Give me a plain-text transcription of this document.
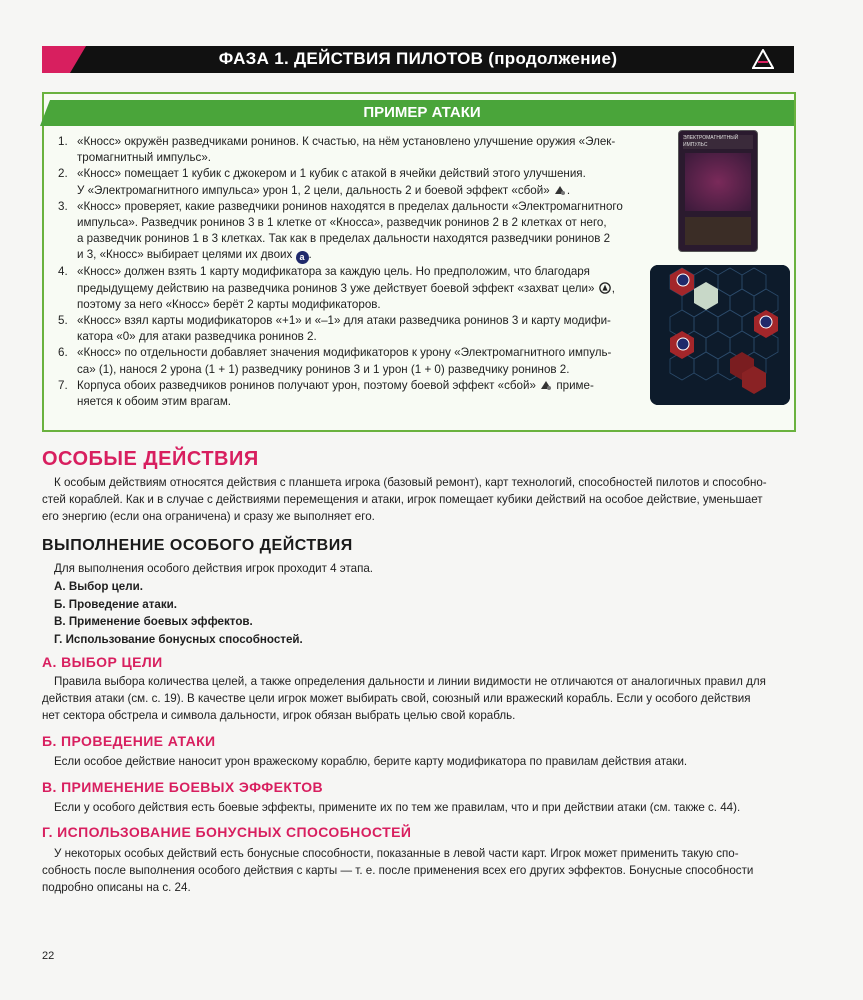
ФАЗА 1. ДЕЙСТВИЯ ПИЛОТОВ (продолжение)
ПРИМЕР АТАКИ
1. «Кносс» окружён разведчиками ронинов. К счастью, на нём установлено улучшение оружия «Элек-
тромагнитный импульс».
2. «Кносс» помещает 1 кубик с джокером и 1 кубик с атакой в ячейки действий этого улучшения.
У «Электромагнитного импульса» урон 1, 2 цели, дальность 2 и боевой эффект «сбой» .
3. «Кносс» проверяет, какие разведчики ронинов находятся в пределах дальности «Электромагнитного
импульса». Разведчик ронинов 3 в 1 клетке от «Кносса», разведчик ронинов 2 в 2 клетках от него,
а разведчик ронинов 1 в 3 клетках. Так как в пределах дальности находятся разведчики ронинов 2
и 3, «Кносс» выбирает целями их двоих a .
4. «Кносс» должен взять 1 карту модификатора за каждую цель. Но предположим, что благодаря
предыдущему действию на разведчика ронинов 3 уже действует боевой эффект «захват цели» ,
поэтому за него «Кносс» берёт 2 карты модификаторов.
5. «Кносс» взял карты модификаторов «+1» и «–1» для атаки разведчика ронинов 3 и карту модифи-
катора «0» для атаки разведчика ронинов 2.
6. «Кносс» по отдельности добавляет значения модификаторов к урону «Электромагнитного импуль-
са» (1), нанося 2 урона (1 + 1) разведчику ронинов 3 и 1 урон (1 + 0) разведчику ронинов 2.
7. Корпуса обоих разведчиков ронинов получают урон, поэтому боевой эффект «сбой» приме-
няется к обоим этим врагам.
ЭЛЕКТРОМАГНИТНЫЙ ИМПУЛЬС
ОСОБЫЕ ДЕЙСТВИЯ

К особым действиям относятся действия с планшета игрока (базовый ремонт), карт технологий, способностей пилотов и способно-
стей кораблей. Как и в случае с действиями перемещения и атаки, игрок помещает кубики действий на особое действие, уменьшает
его энергию (если она ограничена) и сразу же выполняет его.

ВЫПОЛНЕНИЕ ОСОБОГО ДЕЙСТВИЯ

Для выполнения особого действия игрок проходит 4 этапа.

А. Выбор цели.
Б. Проведение атаки.
В. Применение боевых эффектов.
Г. Использование бонусных способностей.
А. ВЫБОР ЦЕЛИ

Правила выбора количества целей, а также определения дальности и линии видимости не отличаются от аналогичных правил для
действия атаки (см. с. 19). В качестве цели игрок может выбирать свой, союзный или вражеский корабль. Если у особого действия
нет сектора обстрела и символа дальности, игрок обязан выбрать целью свой корабль.

Б. ПРОВЕДЕНИЕ АТАКИ

Если особое действие наносит урон вражескому кораблю, берите карту модификатора по правилам действия атаки.

В. ПРИМЕНЕНИЕ БОЕВЫХ ЭФФЕКТОВ

Если у особого действия есть боевые эффекты, примените их по тем же правилам, что и при действии атаки (см. также с. 44).

Г. ИСПОЛЬЗОВАНИЕ БОНУСНЫХ СПОСОБНОСТЕЙ

У некоторых особых действий есть бонусные способности, показанные в левой части карт. Игрок может применить такую спо-
собность после выполнения особого действия с карты — т. е. после применения всех его других эффектов. Бонусные способности
подробно описаны на с. 24.

22
